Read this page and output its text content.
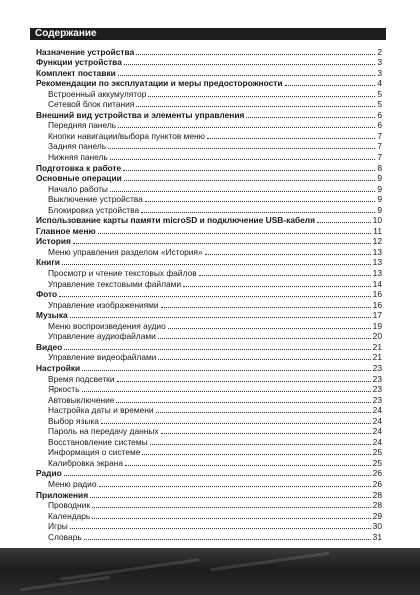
Содержание
Назначение устройства	2
Функции устройства	3
Комплект поставки	3
Рекомендации по эксплуатации и меры предосторожности	4
Встроенный аккумулятор	5
Сетевой блок питания	5
Внешний вид устройства и элементы управления	6
Передняя панель	6
Кнопки навигации/выбора пунктов меню	7
Задняя панель	7
Нижняя панель	7
Подготовка к работе	8
Основные операции	9
Начало работы	9
Выключение устройства	9
Блокировка устройства	9
Использование карты памяти microSD и подключение USB-кабеля	10
Главное меню	11
История	12
Меню управления разделом «История»	13
Книги	13
Просмотр и чтение текстовых файлов	13
Управление текстовыми файлами	14
Фото	16
Управление изображениями	16
Музыка	17
Меню воспроизведения аудио	19
Управление аудиофайлами	20
Видео	21
Управление видеофайлами	21
Настройки	23
Время подсветки	23
Яркость	23
Автовыключение	23
Настройка даты и времени	24
Выбор языка	24
Пароль на передачу данных	24
Восстановление системы	24
Информация о системе	25
Калибровка экрана	25
Радио	26
Меню радио	26
Приложения	28
Проводник	28
Календарь	29
Игры	30
Словарь	31
